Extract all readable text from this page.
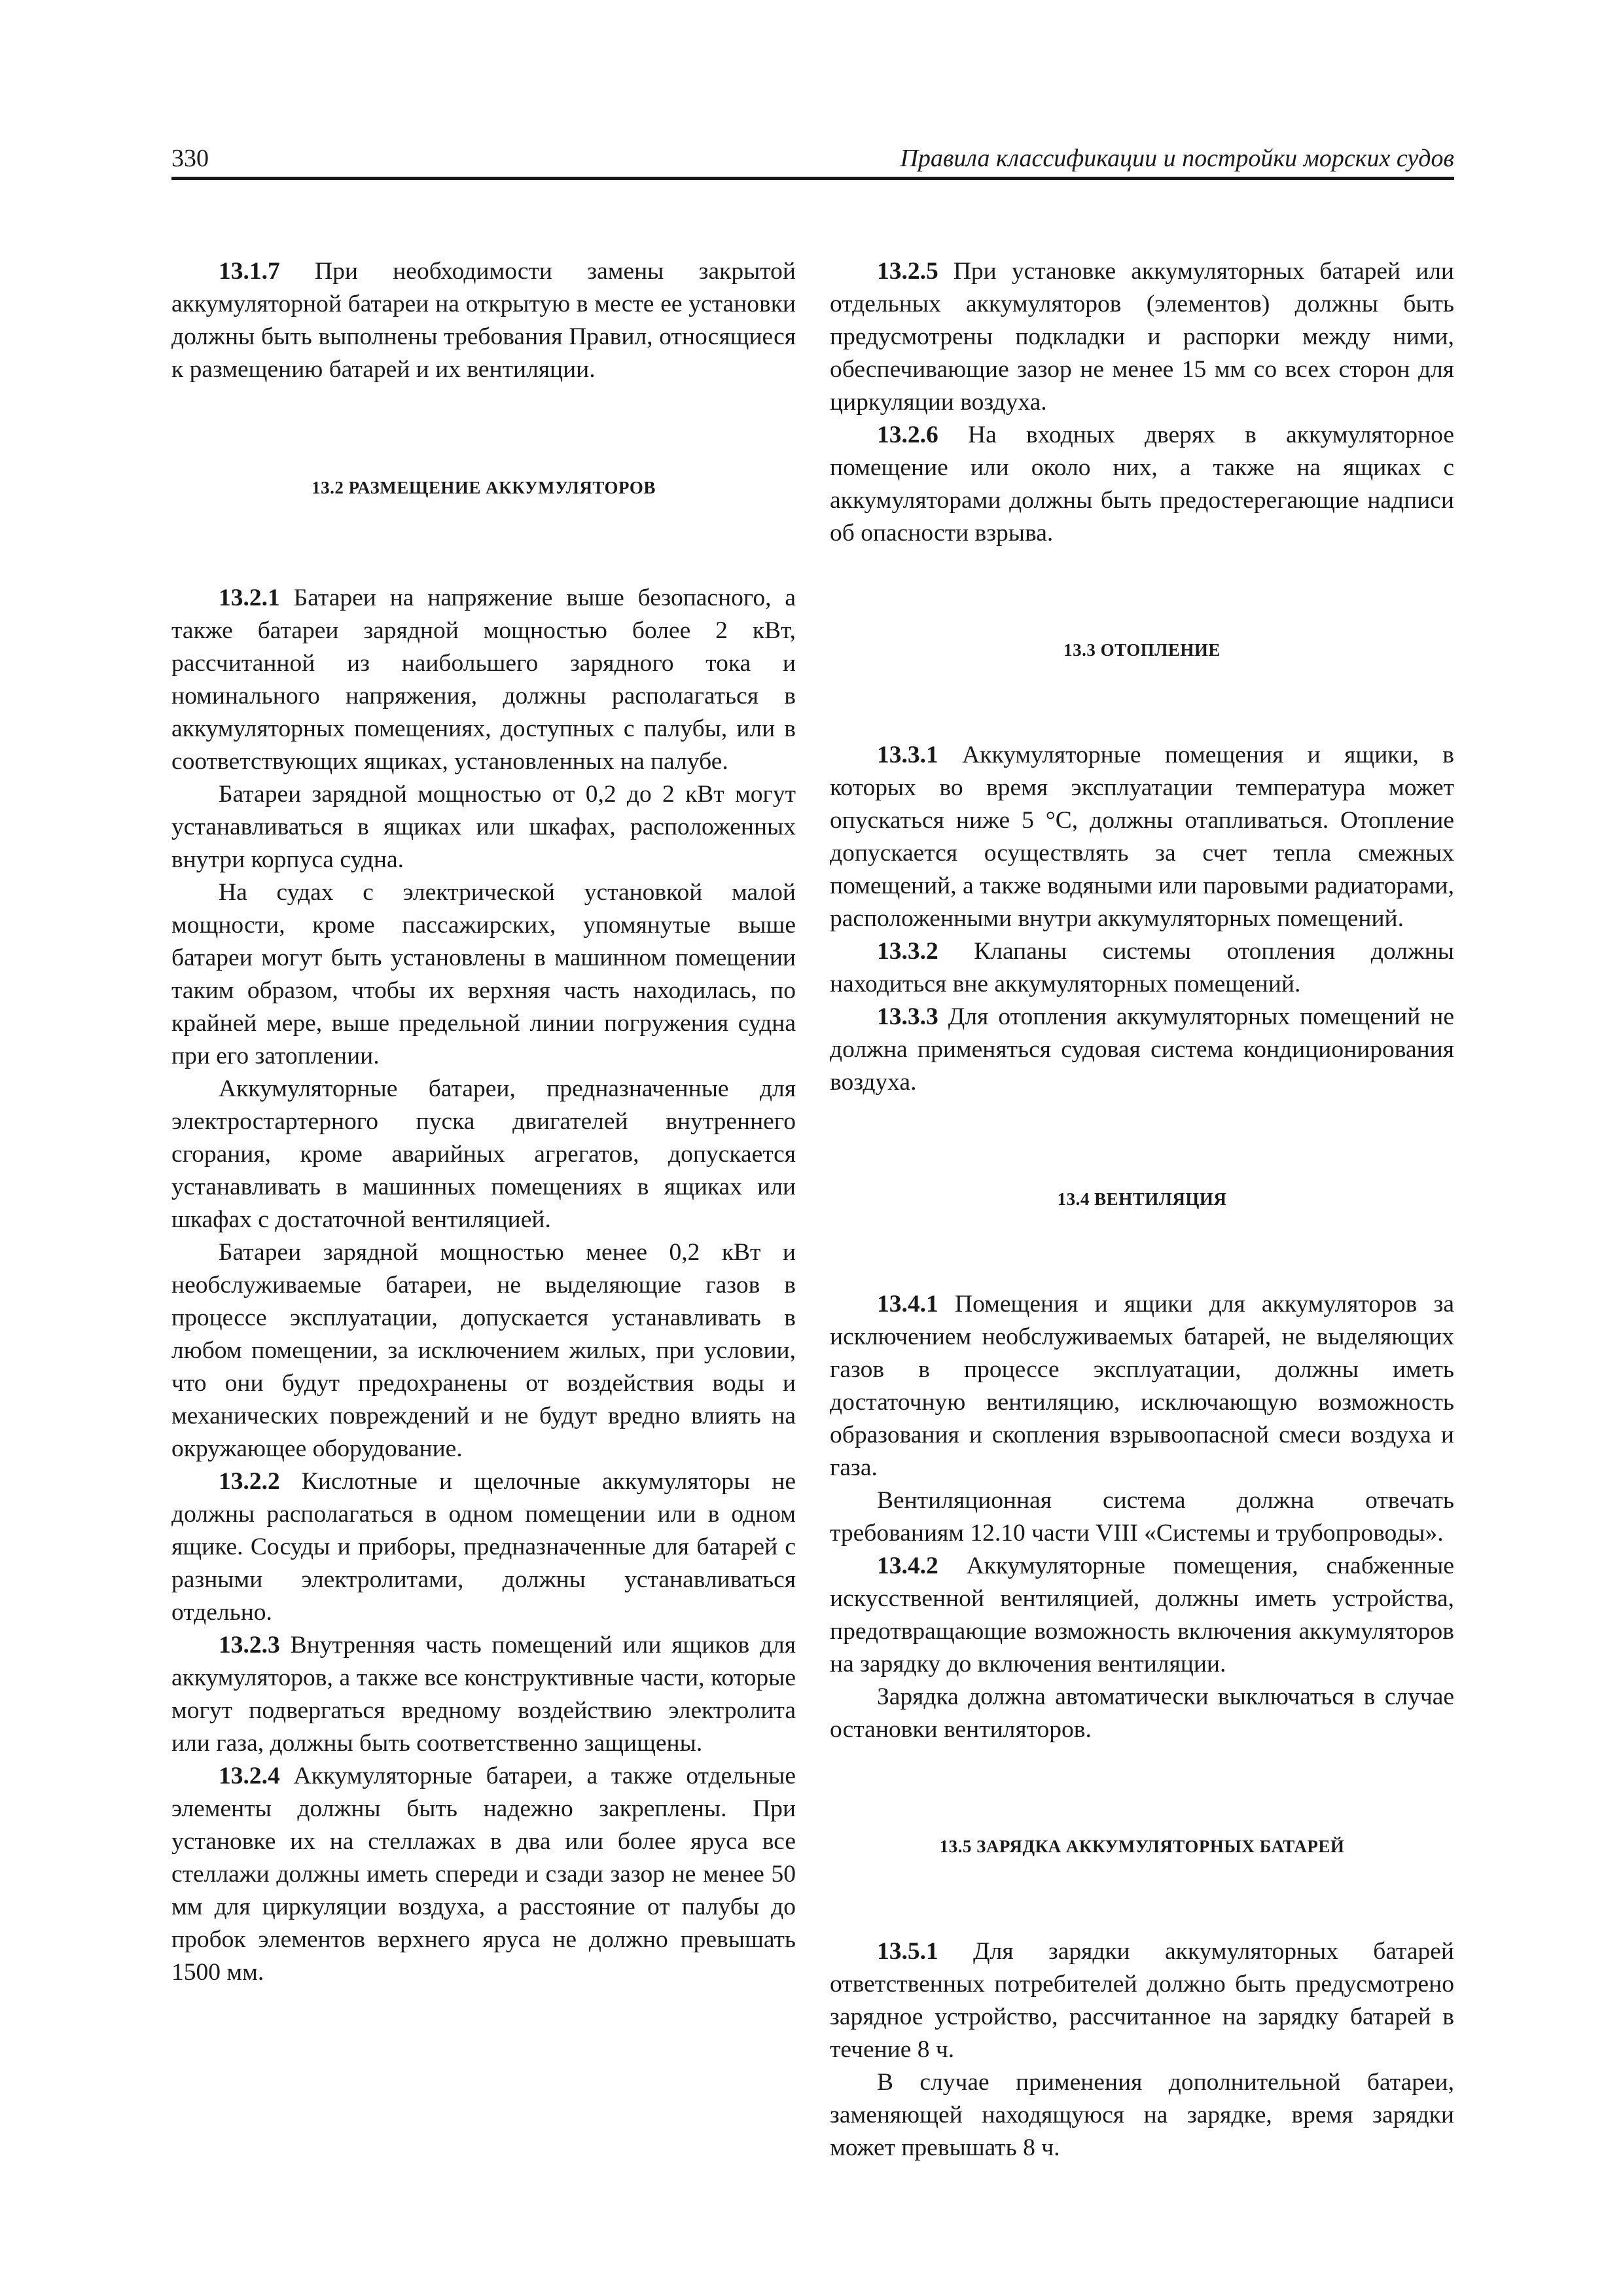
330	Правила классификации и постройки морских судов

13.1.7 При необходимости замены закрытой аккумуляторной батареи на открытую в месте ее установки должны быть выполнены требования Правил, относящиеся к размещению батарей и их вентиляции.

13.2 РАЗМЕЩЕНИЕ АККУМУЛЯТОРОВ

13.2.1 Батареи на напряжение выше безопасного, а также батареи зарядной мощностью более 2 кВт, рассчитанной из наибольшего зарядного тока и номинального напряжения, должны располагаться в аккумуляторных помещениях, доступных с палубы, или в соответствующих ящиках, установленных на палубе.

Батареи зарядной мощностью от 0,2 до 2 кВт могут устанавливаться в ящиках или шкафах, расположенных внутри корпуса судна.

На судах с электрической установкой малой мощности, кроме пассажирских, упомянутые выше батареи могут быть установлены в машинном помещении таким образом, чтобы их верхняя часть находилась, по крайней мере, выше предельной линии погружения судна при его затоплении.

Аккумуляторные батареи, предназначенные для электростартерного пуска двигателей внутреннего сгорания, кроме аварийных агрегатов, допускается устанавливать в машинных помещениях в ящиках или шкафах с достаточной вентиляцией.

Батареи зарядной мощностью менее 0,2 кВт и необслуживаемые батареи, не выделяющие газов в процессе эксплуатации, допускается устанавливать в любом помещении, за исключением жилых, при условии, что они будут предохранены от воздействия воды и механических повреждений и не будут вредно влиять на окружающее оборудование.

13.2.2 Кислотные и щелочные аккумуляторы не должны располагаться в одном помещении или в одном ящике. Сосуды и приборы, предназначенные для батарей с разными электролитами, должны устанавливаться отдельно.

13.2.3 Внутренняя часть помещений или ящиков для аккумуляторов, а также все конструктивные части, которые могут подвергаться вредному воздействию электролита или газа, должны быть соответственно защищены.

13.2.4 Аккумуляторные батареи, а также отдельные элементы должны быть надежно закреплены. При установке их на стеллажах в два или более яруса все стеллажи должны иметь спереди и сзади зазор не менее 50 мм для циркуляции воздуха, а расстояние от палубы до пробок элементов верхнего яруса не должно превышать 1500 мм.

13.2.5 При установке аккумуляторных батарей или отдельных аккумуляторов (элементов) должны быть предусмотрены подкладки и распорки между ними, обеспечивающие зазор не менее 15 мм со всех сторон для циркуляции воздуха.

13.2.6 На входных дверях в аккумуляторное помещение или около них, а также на ящиках с аккумуляторами должны быть предостерегающие надписи об опасности взрыва.

13.3 ОТОПЛЕНИЕ

13.3.1 Аккумуляторные помещения и ящики, в которых во время эксплуатации температура может опускаться ниже 5 °С, должны отапливаться. Отопление допускается осуществлять за счет тепла смежных помещений, а также водяными или паровыми радиаторами, расположенными внутри аккумуляторных помещений.

13.3.2 Клапаны системы отопления должны находиться вне аккумуляторных помещений.

13.3.3 Для отопления аккумуляторных помещений не должна применяться судовая система кондиционирования воздуха.

13.4 ВЕНТИЛЯЦИЯ

13.4.1 Помещения и ящики для аккумуляторов за исключением необслуживаемых батарей, не выделяющих газов в процессе эксплуатации, должны иметь достаточную вентиляцию, исключающую возможность образования и скопления взрывоопасной смеси воздуха и газа.

Вентиляционная система должна отвечать требованиям 12.10 части VIII «Системы и трубопроводы».

13.4.2 Аккумуляторные помещения, снабженные искусственной вентиляцией, должны иметь устройства, предотвращающие возможность включения аккумуляторов на зарядку до включения вентиляции.

Зарядка должна автоматически выключаться в случае остановки вентиляторов.

13.5 ЗАРЯДКА АККУМУЛЯТОРНЫХ БАТАРЕЙ

13.5.1 Для зарядки аккумуляторных батарей ответственных потребителей должно быть предусмотрено зарядное устройство, рассчитанное на зарядку батарей в течение 8 ч.

В случае применения дополнительной батареи, заменяющей находящуюся на зарядке, время зарядки может превышать 8 ч.
